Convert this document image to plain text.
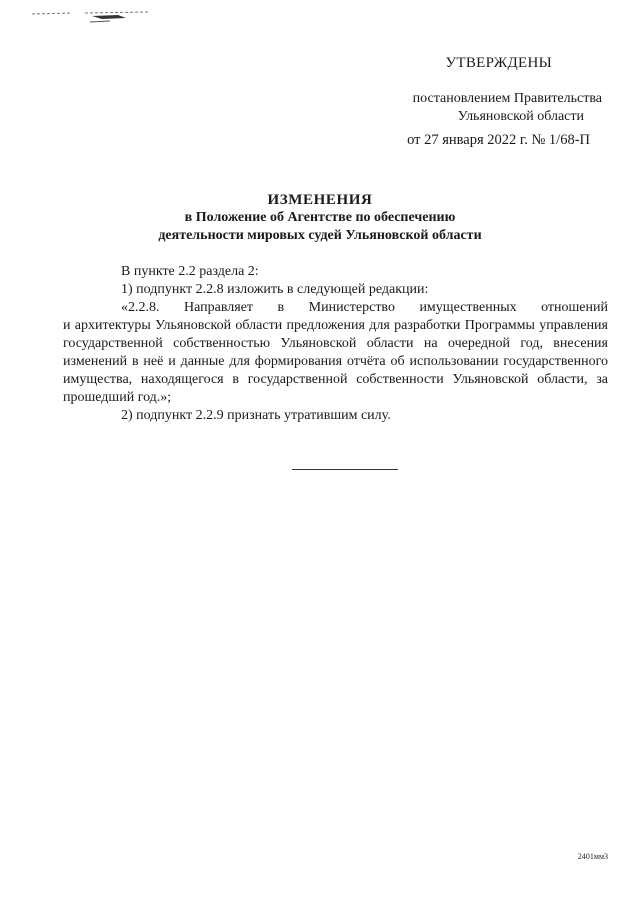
УТВЕРЖДЕНЫ
постановлением Правительства
Ульяновской области
от 27 января 2022 г. № 1/68-П
ИЗМЕНЕНИЯ
в Положение об Агентстве по обеспечению
деятельности мировых судей Ульяновской области

В пункте 2.2 раздела 2:

1) подпункт 2.2.8 изложить в следующей редакции:

«2.2.8. Направляет в Министерство имущественных отношений

и архитектуры Ульяновской области предложения для разработки Программы управления государственной собственностью Ульяновской области на очередной год, внесения изменений в неё и данные для формирования отчёта об использовании государственного имущества, находящегося в государственной собственности Ульяновской области, за прошедший год.»;

2) подпункт 2.2.9 признать утратившим силу.

2401мм3
